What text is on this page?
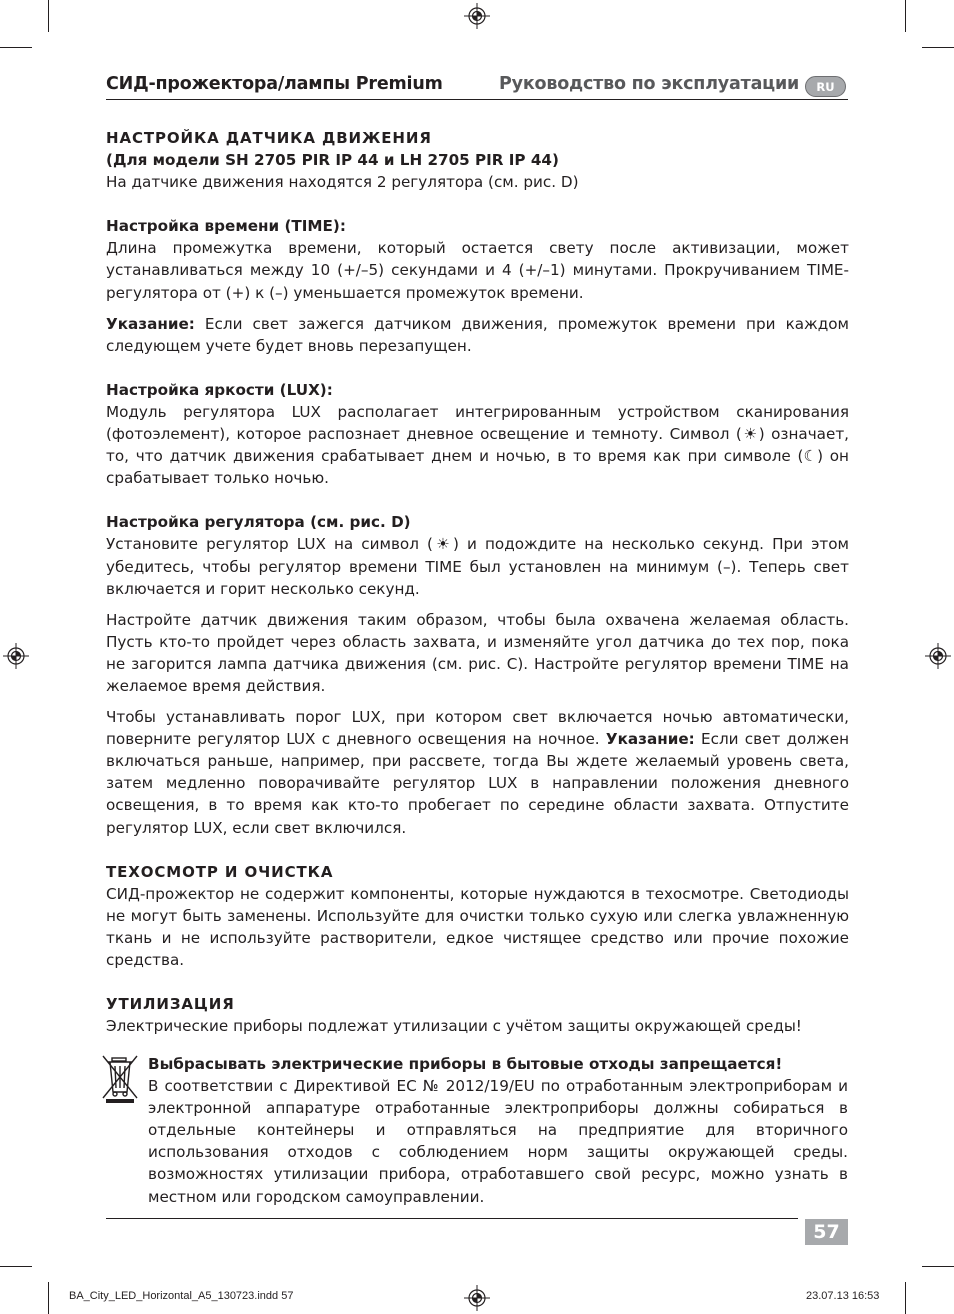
СИД-прожектора/лампы Premium	Руководство по эксплуатации RU

НАСТРОЙКА ДАТЧИКА ДВИЖЕНИЯ

(Для модели SH 2705 PIR IP 44 и LH 2705 PIR IP 44)

На датчике движения находятся 2 регулятора (см. рис. D)

Настройка времени (TIME):

Длина промежутка времени, который остается свету после активизации, может устанавливаться между 10 (+/–5) секундами и 4 (+/–1) минутами. Прокручиванием TIME-регулятора от (+) к (–) уменьшается промежуток времени.

Указание: Если свет зажегся датчиком движения, промежуток времени при каждом следующем учете будет вновь перезапущен.

Настройка яркости (LUX):

Модуль регулятора LUX располагает интегрированным устройством сканирования (фотоэлемент), которое распознает дневное освещение и темноту. Символ (☀) означает, то, что датчик движения срабатывает днем и ночью, в то время как при символе (☾) он срабатывает только ночью.

Настройка регулятора (см. рис. D)

Установите регулятор LUX на символ (☀) и подождите на несколько секунд. При этом убедитесь, чтобы регулятор времени TIME был установлен на минимум (–). Теперь свет включается и горит несколько секунд.

Настройте датчик движения таким образом, чтобы была охвачена желаемая область. Пусть кто-то пройдет через область захвата, и изменяйте угол датчика до тех пор, пока не загорится лампа датчика движения (см. рис. С). Настройте регулятор времени TIME на желаемое время действия.

Чтобы устанавливать порог LUX, при котором свет включается ночью автоматически, поверните регулятор LUX с дневного освещения на ночное. Указание: Если свет должен включаться раньше, например, при рассвете, тогда Вы ждете желаемый уровень света, затем медленно поворачивайте регулятор LUX в направлении положения дневного освещения, в то время как кто-то пробегает по середине области захвата. Отпустите регулятор LUX, если свет включился.

ТЕХОСМОТР И ОЧИСТКА

СИД-прожектор не содержит компоненты, которые нуждаются в техосмотре. Светодиоды не могут быть заменены. Используйте для очистки только сухую или слегка увлажненную ткань и не используйте растворители, едкое чистящее средство или прочие похожие средства.

УТИЛИЗАЦИЯ

Электрические приборы подлежат утилизации с учётом защиты окружающей среды!

Выбрасывать электрические приборы в бытовые отходы запрещается!

В соответствии с Директивой ЕС № 2012/19/EU по отработанным электроприборам и электронной аппаратуре отработанные электроприборы должны собираться в отдельные контейнеры и отправляться на предприятие для вторичного использования отходов с соблюдением норм защиты окружающей среды. возможностях утилизации прибора, отработавшего свой ресурс, можно узнать в местном или городском самоуправлении.

57
BA_City_LED_Horizontal_A5_130723.indd 57	23.07.13 16:53
